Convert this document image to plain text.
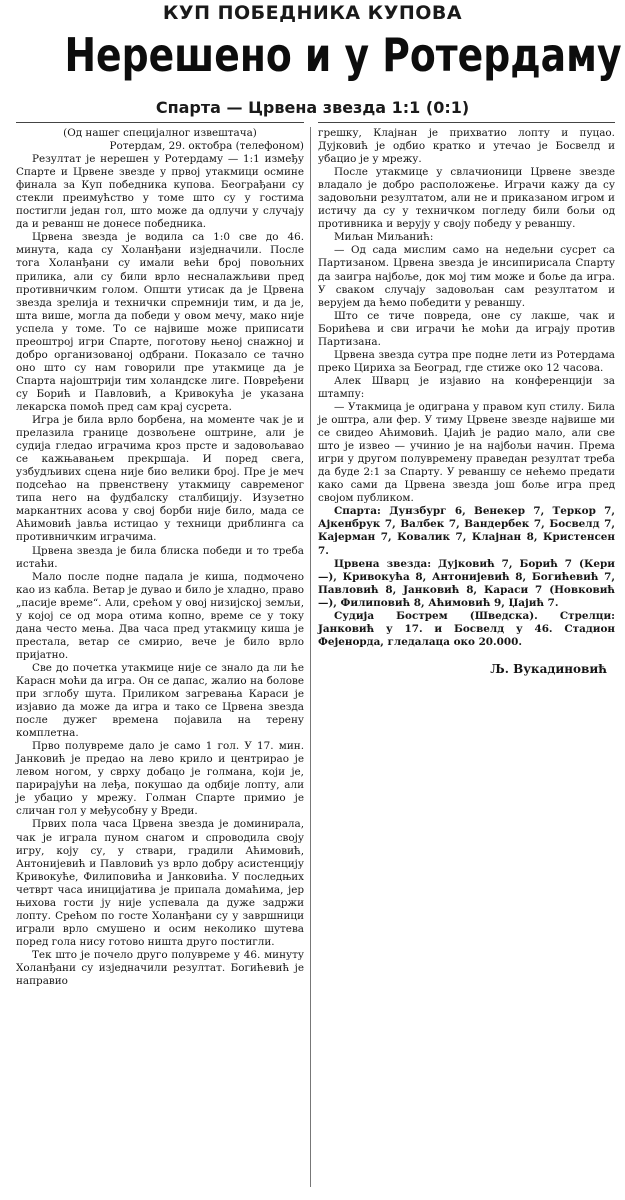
КУП ПОБЕДНИКА КУПОВА
Нерешено и у Ротердаму
Спарта — Црвена звезда 1:1 (0:1)

(Од нашег специјалног извештача)

Ротердам, 29. октобра (телефоном)

Резултат је нерешен у Ротердаму — 1:1 између Спарте и Црвене звезде у првој утакмици осмине финала за Куп победника купова. Београђани су стекли преимућство у томе што су у гостима постигли један гол, што може да одлучи у случају да и реванш не донесе победника.

Црвена звезда је водила са 1:0 све до 46. минута, када су Холанђани изједначили. После тога Холанђани су имали већи број повољних прилика, али су били врло несналажљиви пред противничким голом. Општи утисак да је Црвена звезда зрелија и технички спремнији тим, и да је, шта више, могла да победи у овом мечу, мако није успела у томе. То се највише може приписати преоштрој игри Спарте, поготову њеној снажној и добро организованој одбрани. Показало се тачно оно што су нам говорили пре утакмице да је Спарта најоштрији тим холандске лиге. Повређени су Борић и Павловић, а Кривокућа је указана лекарска помоћ пред сам крај сусрета.

Игра је била врло борбена, на моменте чак је и прелазила границе дозвољене оштрине, али је судија гледао играчима кроз прсте и задовољавао се кажњавањем прекршаја. И поред свега, узбудљивих сцена није био велики број. Пре је меч подсећао на првенствену утакмицу савременог типа него на фудбалску сталбицију. Изузетно маркантних асова у свој борби није било, мада се Аћимовић јавља истицао у техници дриблинга са противничким играчима.

Црвена звезда је била блиска победи и то треба истаћи.

Мало после подне падала је киша, подмочено као из кабла. Ветар је дувао и било је хладно, право „пасије време“. Али, срећом у овој низијској земљи, у којој се од мора отима копно, време се у току дана често мења. Два часа пред утакмицу киша је престала, ветар се смирио, вече је било врло пријатно.

Све до почетка утакмице није се знало да ли ће Карасн моћи да игра. Он се дапас, жалио на болове при зглобу шута. Приликом загревања Караси је изјавио да може да игра и тако се Црвена звезда после дужег времена појавила на терену комплетна.

Прво полувреме дало је само 1 гол. У 17. мин. Јанковић је предао на лево крило и центрирао је левом ногом, у сврху добацо је голмана, који је, парирајући на леђа, покушао да одбије лопту, али је убацио у мрежу. Голман Спарте примио је сличан гол у међусобну у Вреди.

Првих пола часа Црвена звезда је доминирала, чак је играла пуном снагом и спроводила своју игру, коју су, у ствари, градили Аћимовић, Антонијевић и Павловић уз врло добру асистенцију Кривокуће, Филиповића и Јанковића. У последњих четврт часа иницијатива је припала домаћима, јер њихова гости ју није успевала да дуже задржи лопту. Срећом по госте Холанђани су у завршници играли врло смушено и осим неколико шутева поред гола нису готово ништа друго постигли.

Тек што је почело друго полувреме у 46. минуту Холанђани су изједначили резултат. Богићевић је направио

грешку, Клајнан је прихватио лопту и пуцао. Дујковић је одбио кратко и утечао је Босвелд и убацио је у мрежу.

После утакмице у свлачионици Црвене звезде владало је добро расположење. Играчи кажу да су задовољни резултатом, али не и приказаном игром и истичу да су у техничком погледу били бољи од противника и верују у своју победу у реваншу.

Миљан Миљанић:

— Од сада мислим само на недељни сусрет са Партизаном. Црвена звезда је инсипирисала Спарту да заигра најбоље, док мој тим може и боље да игра. У сваком случају задовољан сам резултатом и верујем да ћемо победити у реваншу.

Што се тиче повреда, оне су лакше, чак и Борићева и сви играчи ће моћи да играју против Партизана.

Црвена звезда сутра пре подне лети из Ротердама преко Цириха за Београд, где стиже око 12 часова.

Алек Шварц је изјавио на конференцији за штампу:

— Утакмица је одиграна у правом куп стилу. Била је оштра, али фер. У тиму Црвене звезде највише ми се свидео Аћимовић. Џајић је радио мало, али све што је извео — учинио је на најбољи начин. Према игри у другом полувремену праведан резултат треба да буде 2:1 за Спарту. У реваншу се нећемо предати како сами да Црвена звезда још боље игра пред својом публиком.

Спарта: Дунзбург 6, Венекер 7, Теркор 7, Ајкенбрук 7, Валбек 7, Вандербек 7, Босвелд 7, Кајерман 7, Ковалик 7, Клајнан 8, Кристенсен 7.

Црвена звезда: Дујковић 7, Борић 7 (Кери —), Кривокућа 8, Антонијевић 8, Богићевић 7, Павловић 8, Јанковић 8, Караси 7 (Новковић —), Филиповић 8, Аћимовић 9, Џајић 7.

Судија Бострем (Шведска). Стрелци: Јанковић у 17. и Босвелд у 46. Стадион Фејенорда, гледалаца око 20.000.

Љ. Вукадиновић
